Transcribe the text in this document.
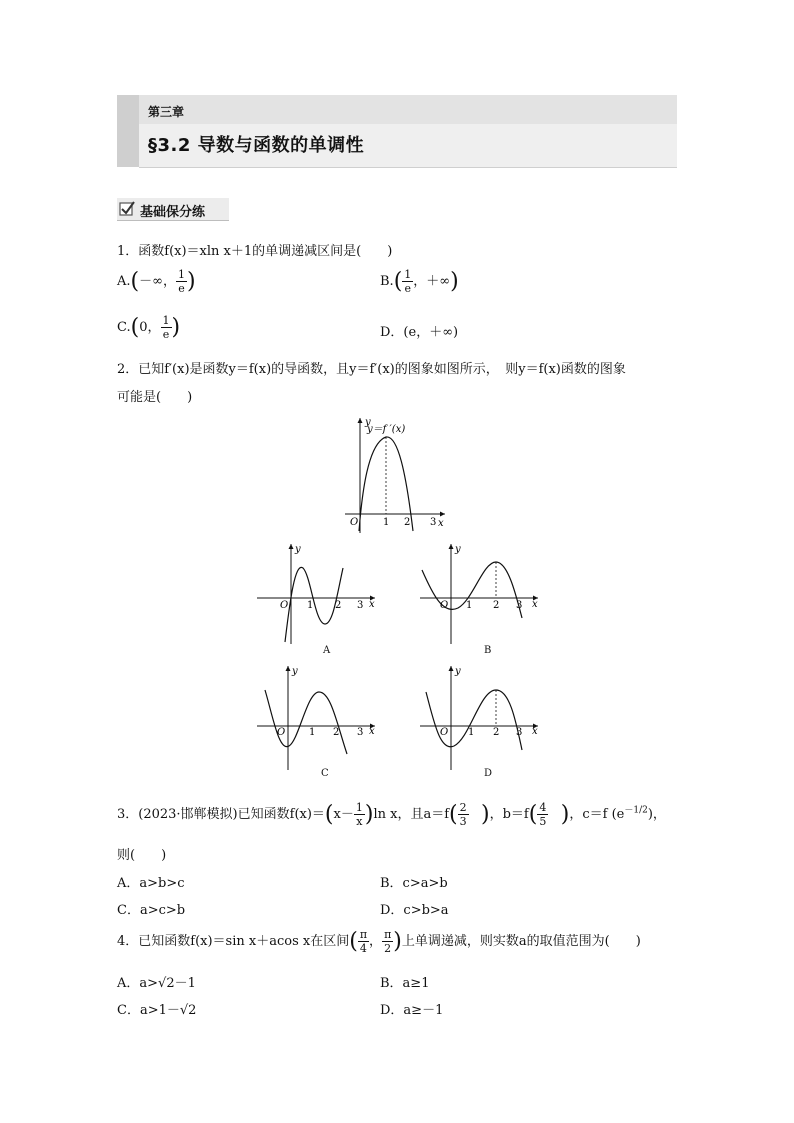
第三章
§3.2 导数与函数的单调性
基础保分练
1．函数f(x)＝xln x＋1的单调递减区间是(　　)
A.(－∞， $\frac{1}{e}$ )	$B.( \frac{1}{e}$ ，＋∞)
C.(0， $\frac{1}{e}$ )	D．(e，＋∞)
2．已知f′(x)是函数y＝f(x)的导函数，且y＝f′(x)的图象如图所示，　则y＝f(x)函数的图象
可能是(　　)
y＝f ′(x)
y
x
O 1 2 3
y
x
O 1 2 3
A
y
x
O 1 2 3
B
y
x
O 1 2 3
C
y
x
O 1 2 3
D
3．(2023·邯郸模拟)已知函数$f(x)=(x- \frac{1}{x} )\ln$ x，且$a=f( \frac{2}{3}$ )，$b=f( \frac{4}{5}$ )，c＝f $(e^{-1/2})$，
则(　　)
A．a>b>c	B．c>a>b
C．a>c>b	D．c>b>a
4．已知函数f(x)＝sin x＋acos x在区间( $\frac{\pi}{4}$ ， $\frac{\pi}{2}$ )上单调递减，则实数a的取值范围为(　　)
A．a>√2－1	B．a≥1
C．a>1－√2	D．a≥－1
